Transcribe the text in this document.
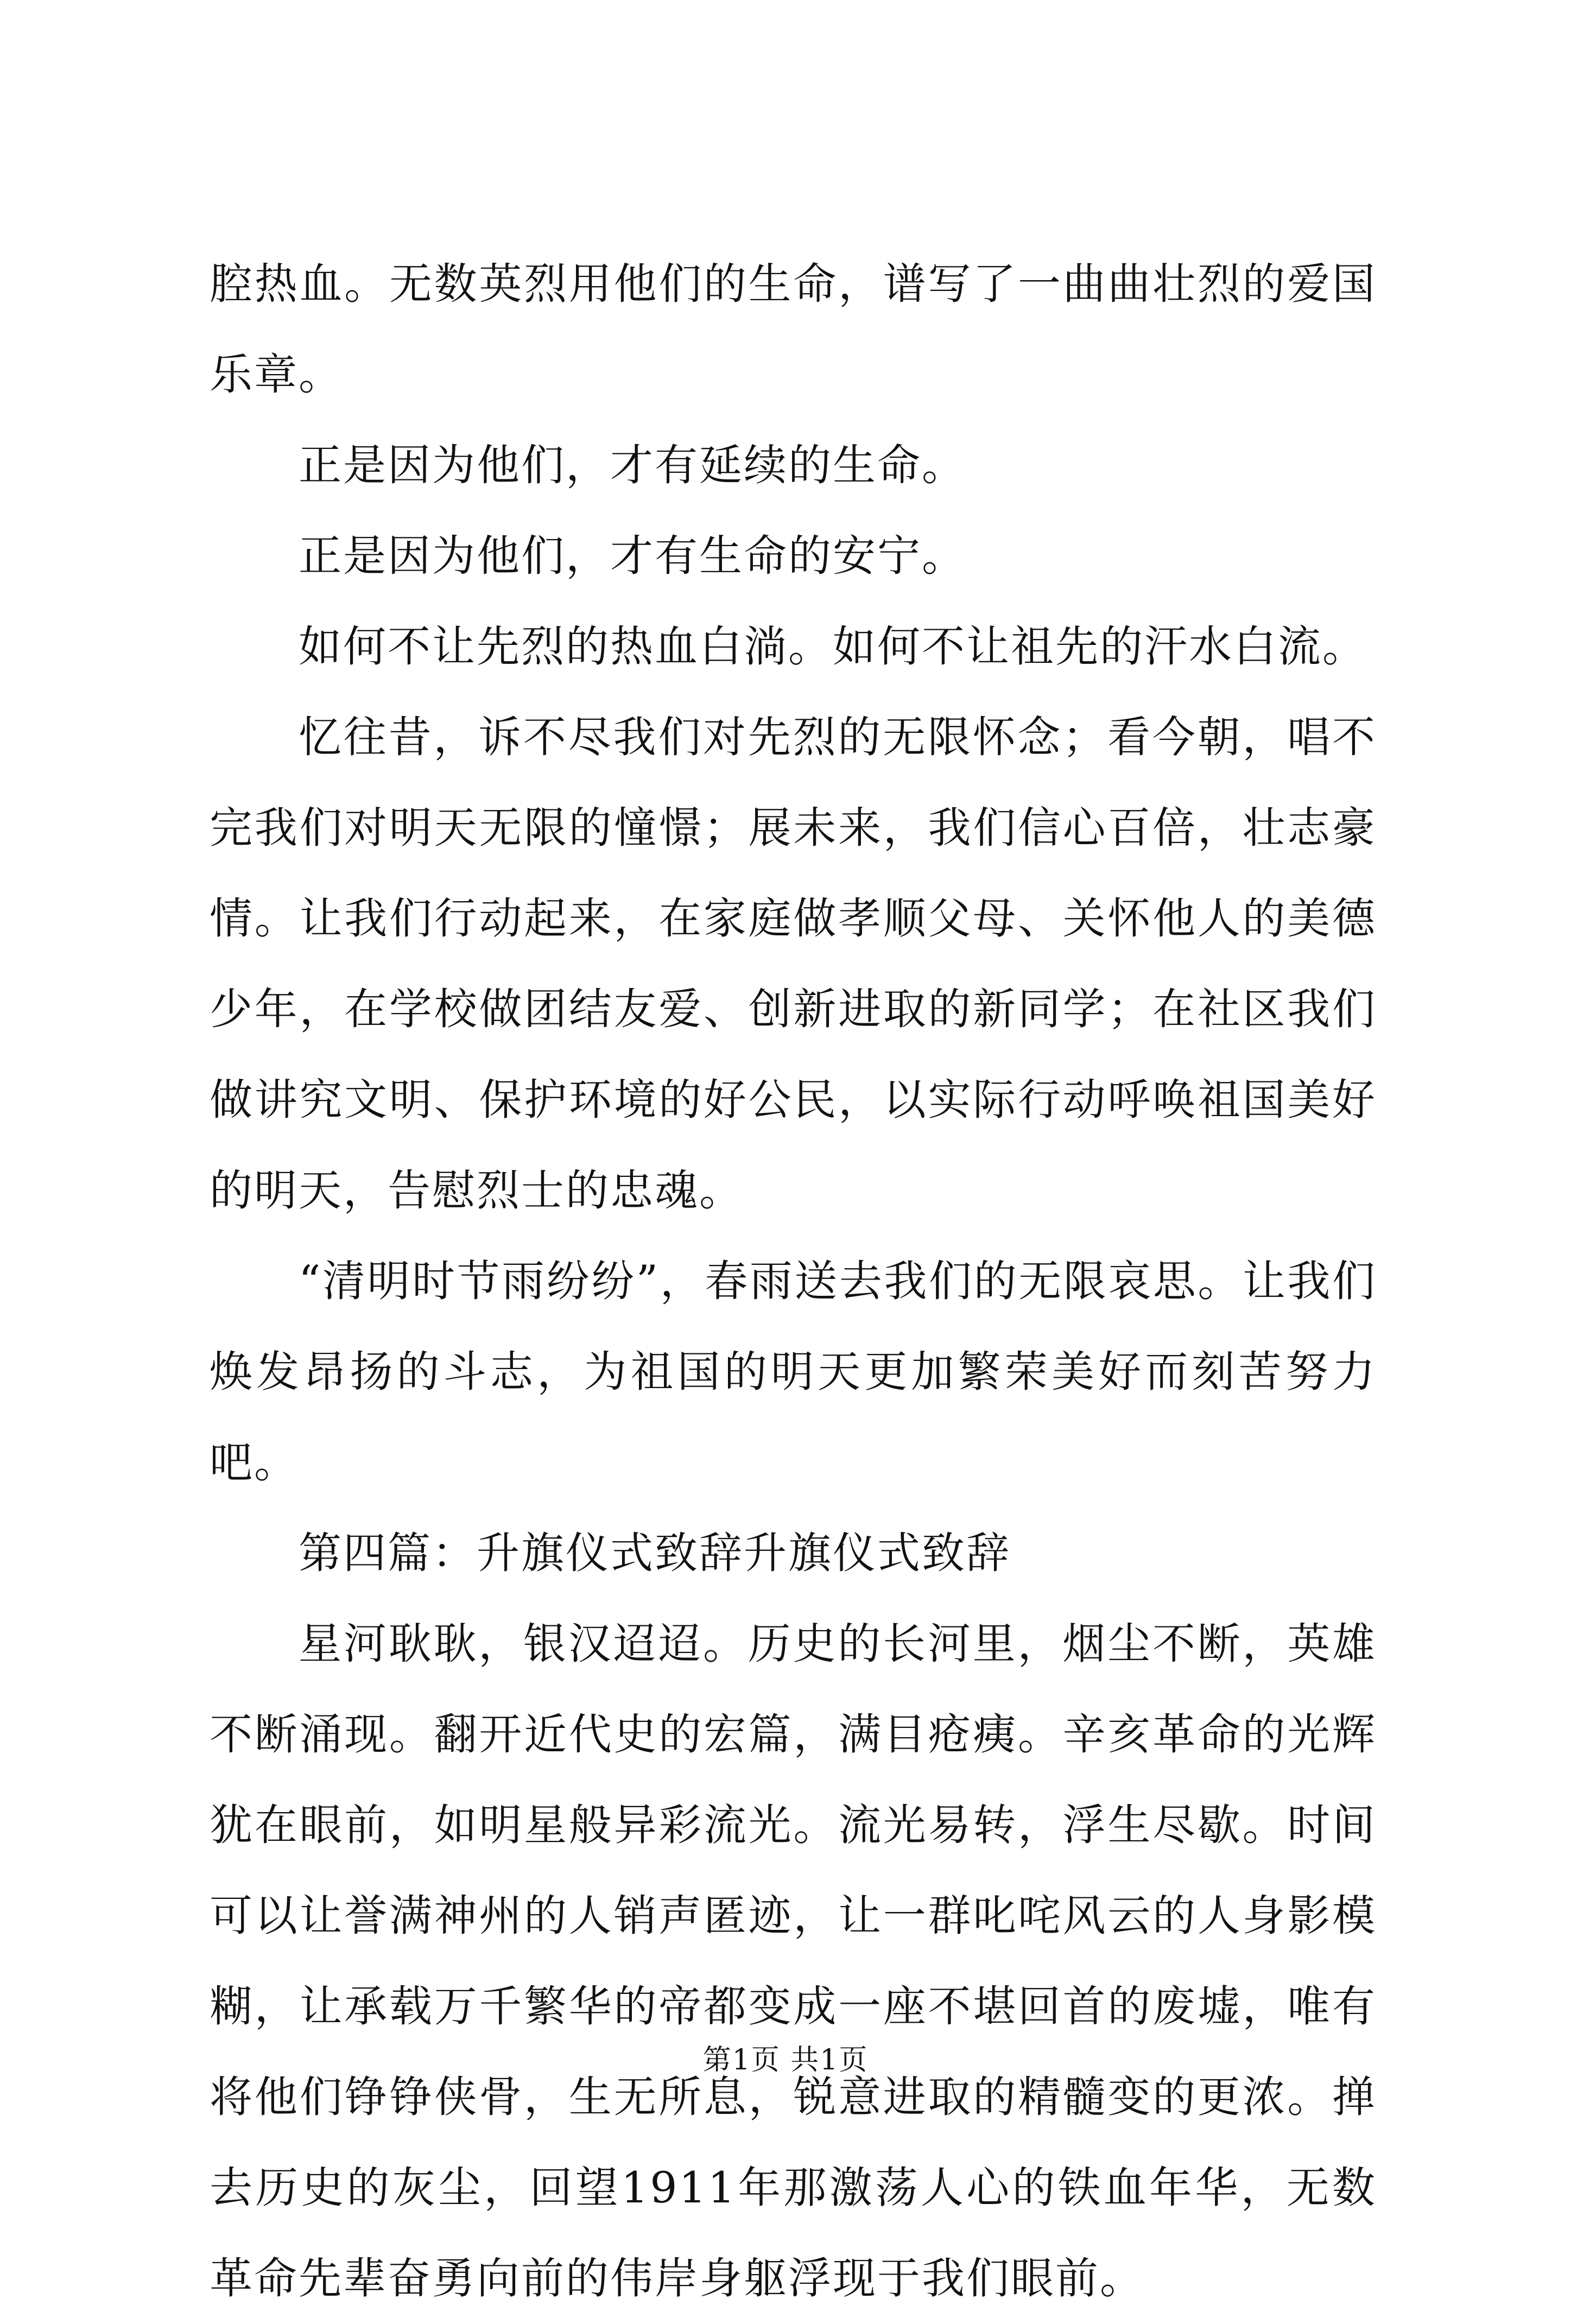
腔热血。无数英烈用他们的生命，谱写了一曲曲壮烈的爱国乐章。

正是因为他们，才有延续的生命。

正是因为他们，才有生命的安宁。

如何不让先烈的热血白淌。如何不让祖先的汗水白流。

忆往昔，诉不尽我们对先烈的无限怀念；看今朝，唱不完我们对明天无限的憧憬；展未来，我们信心百倍，壮志豪情。让我们行动起来，在家庭做孝顺父母、关怀他人的美德少年，在学校做团结友爱、创新进取的新同学；在社区我们做讲究文明、保护环境的好公民，以实际行动呼唤祖国美好的明天，告慰烈士的忠魂。

“清明时节雨纷纷”，春雨送去我们的无限哀思。让我们焕发昂扬的斗志，为祖国的明天更加繁荣美好而刻苦努力吧。

第四篇：升旗仪式致辞升旗仪式致辞

星河耿耿，银汉迢迢。历史的长河里，烟尘不断，英雄不断涌现。翻开近代史的宏篇，满目疮痍。辛亥革命的光辉犹在眼前，如明星般异彩流光。流光易转，浮生尽歇。时间可以让誉满神州的人销声匿迹，让一群叱咤风云的人身影模糊，让承载万千繁华的帝都变成一座不堪回首的废墟，唯有将他们铮铮侠骨，生无所息，锐意进取的精髓变的更浓。掸去历史的灰尘，回望1911年那激荡人心的铁血年华，无数革命先辈奋勇向前的伟岸身躯浮现于我们眼前。

第1页 共1页
